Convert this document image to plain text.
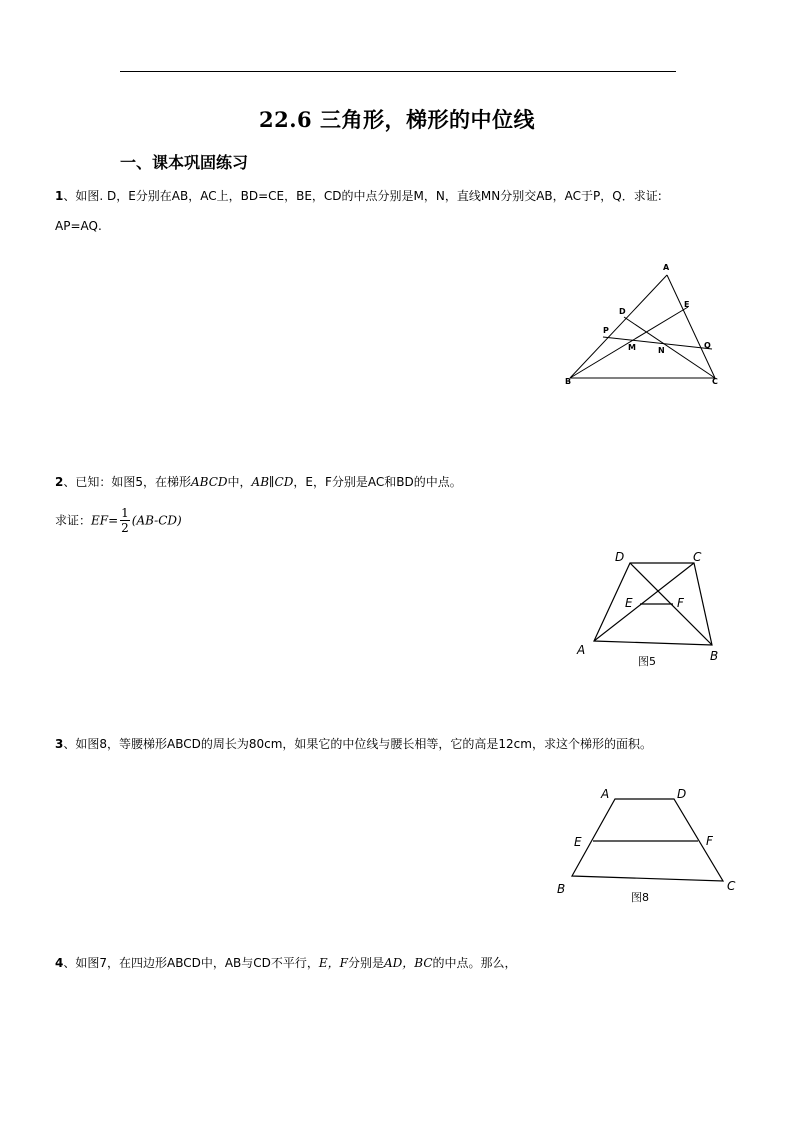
22.6 三角形，梯形的中位线
一、课本巩固练习
1、如图. D，E分别在AB，AC上，BD=CE，BE，CD的中点分别是M，N，直线MN分别交AB，AC于P，Q．求证:
AP=AQ.
A
B	C
D
E
P
M	N
Q
2、已知：如图5，在梯形ABCD中，AB∥CD，E，F分别是AC和BD的中点。
求证：$EF= \frac{1}{2} (AB-CD)$
D	C
E	F
A	B
图5
3、如图8，等腰梯形ABCD的周长为80cm，如果它的中位线与腰长相等，它的高是12cm，求这个梯形的面积。
A	D
E	F
B	C
图8
4、如图7，在四边形ABCD中，AB与CD不平行，E，F分别是AD，BC的中点。那么，
